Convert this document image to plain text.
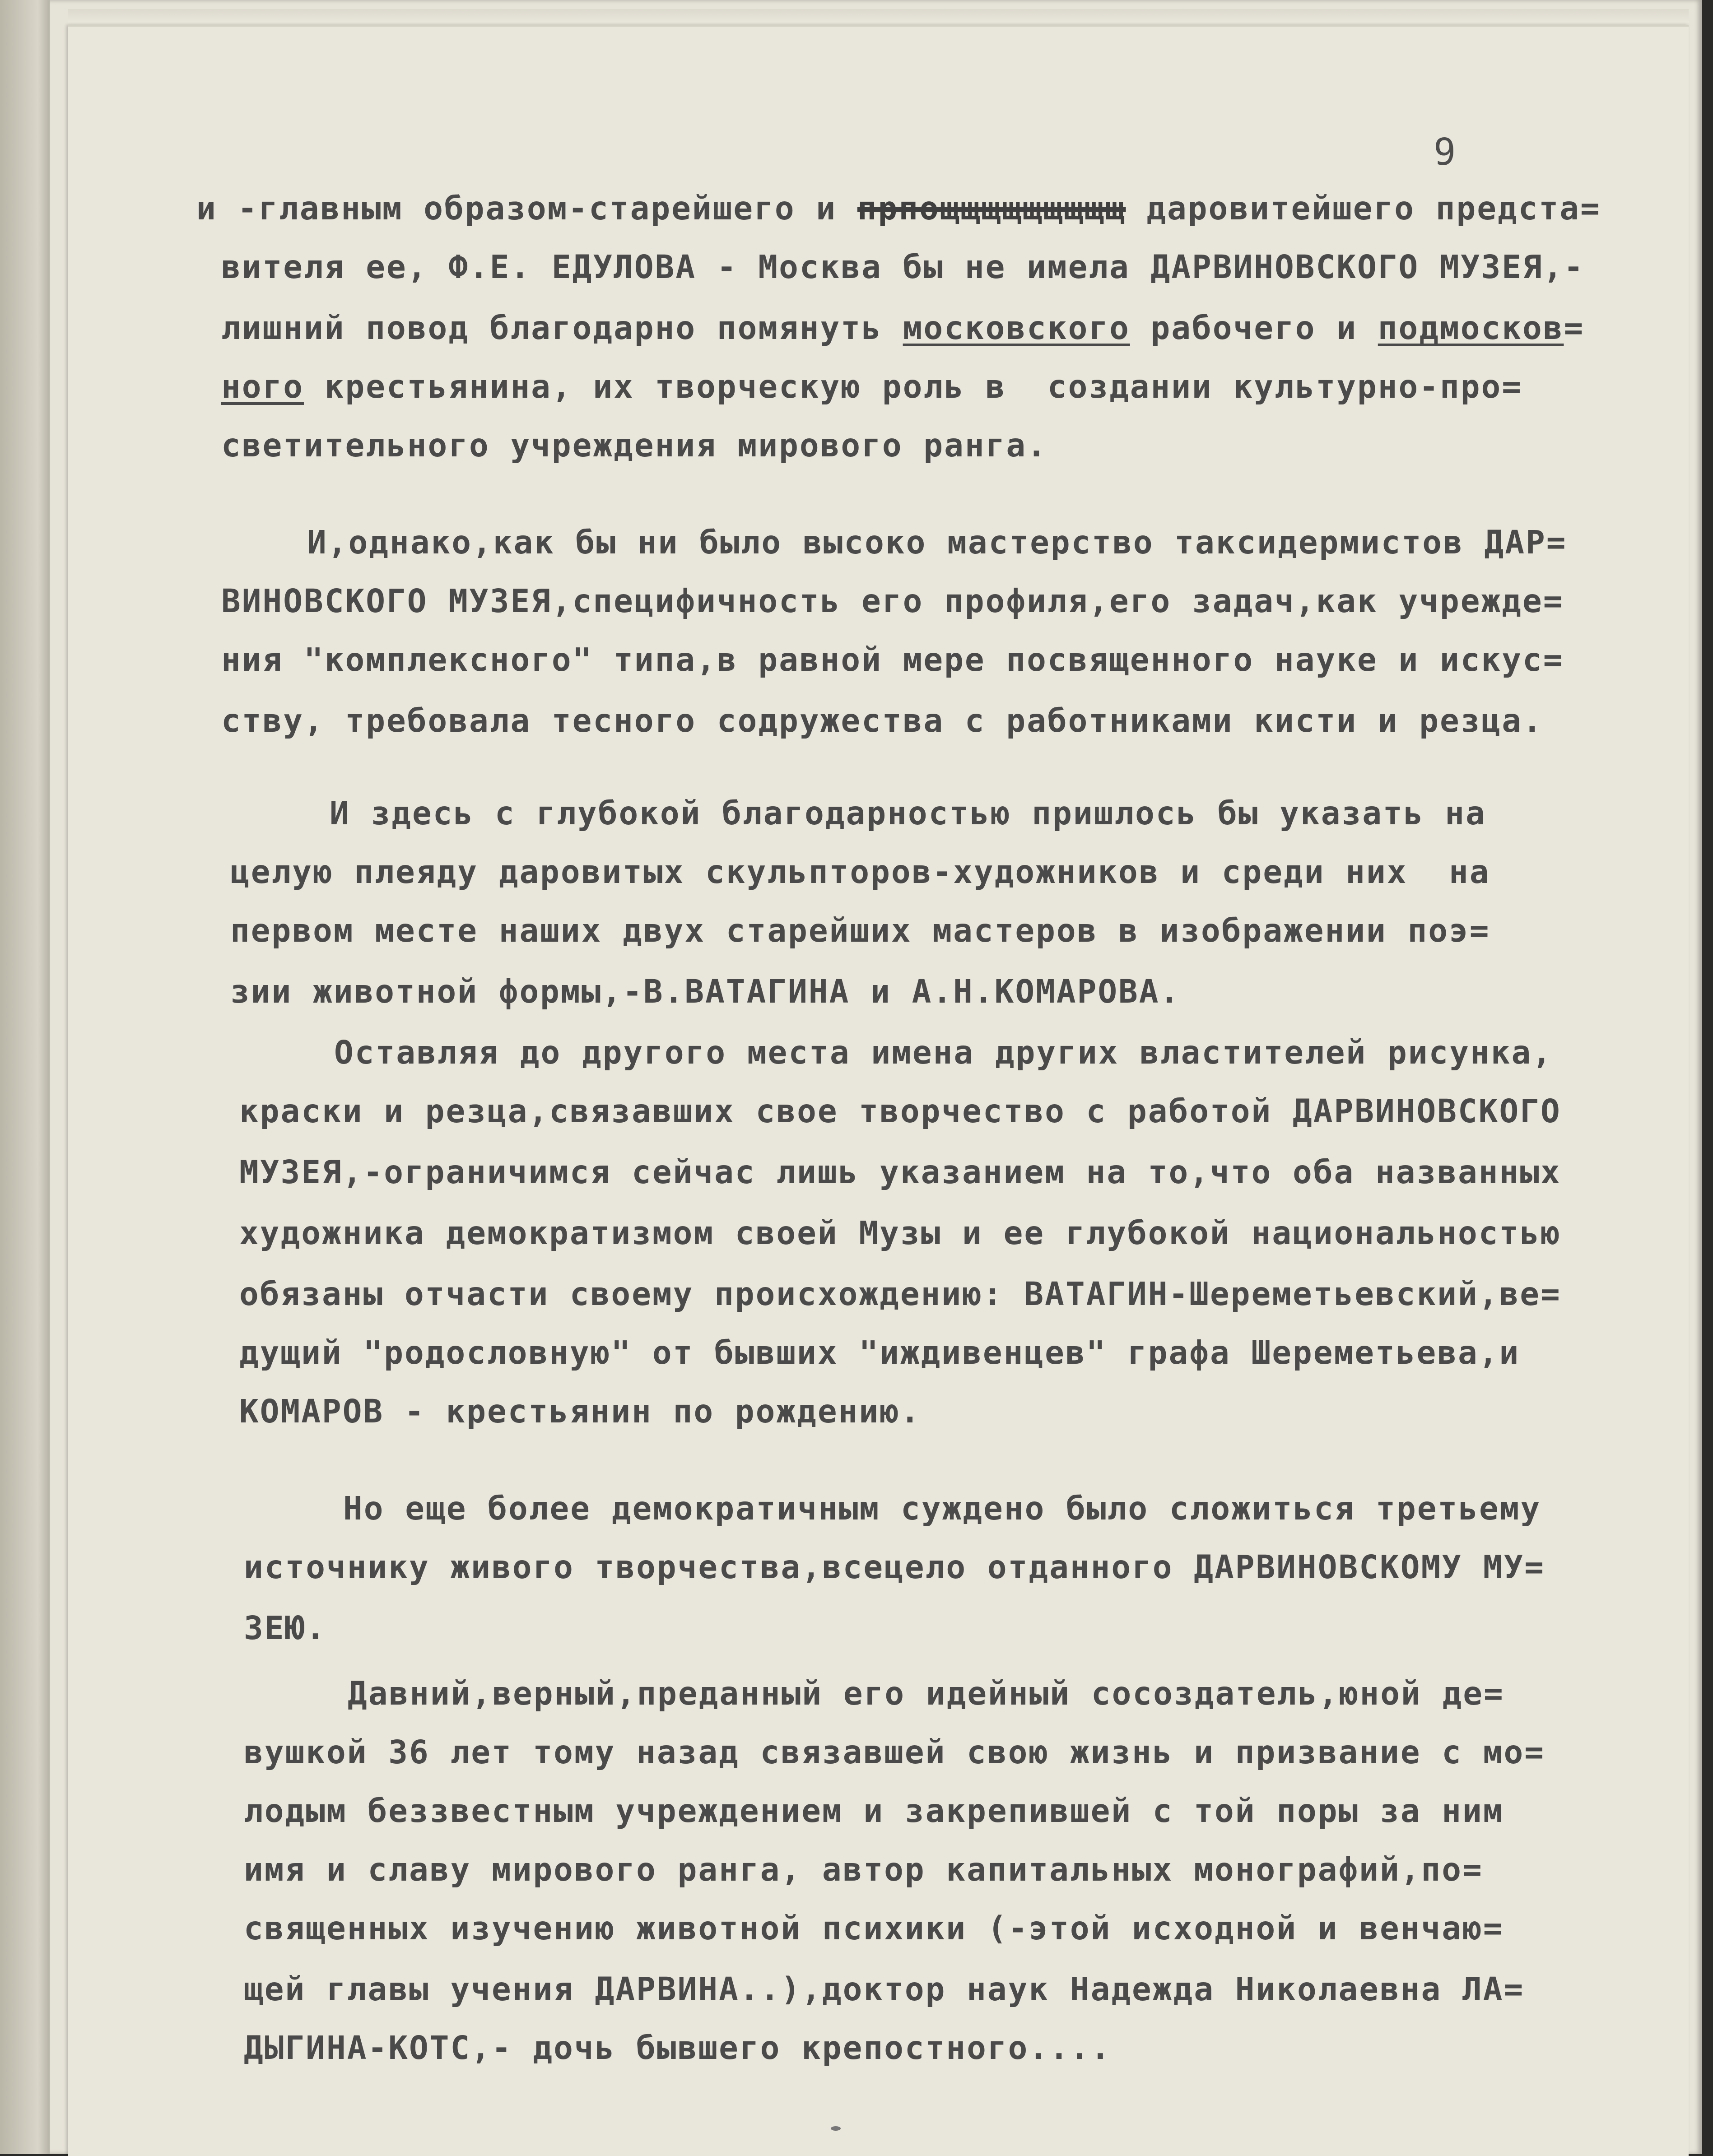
9
и -главным образом-старейшего и прпощщщщщщщщщ даровитейшего предста=
вителя ее, Ф.Е. ЕДУЛОВА - Москва бы не имела ДАРВИНОВСКОГО МУЗЕЯ,-
лишний повод благодарно помянуть московского рабочего и подмосков=
ного крестьянина, их творческую роль в  создании культурно-про=
светительного учреждения мирового ранга.
И,однако,как бы ни было высоко мастерство таксидермистов ДАР=
ВИНОВСКОГО МУЗЕЯ,специфичность его профиля,его задач,как учрежде=
ния "комплексного" типа,в равной мере посвященного науке и искус=
ству, требовала тесного содружества с работниками кисти и резца.
И здесь с глубокой благодарностью пришлось бы указать на
целую плеяду даровитых скульпторов-художников и среди них  на
первом месте наших двух старейших мастеров в изображении поэ=
зии животной формы,-В.ВАТАГИНА и А.Н.КОМАРОВА.
Оставляя до другого места имена других властителей рисунка,
краски и резца,связавших свое творчество с работой ДАРВИНОВСКОГО
МУЗЕЯ,-ограничимся сейчас лишь указанием на то,что оба названных
художника демократизмом своей Музы и ее глубокой национальностью
обязаны отчасти своему происхождению: ВАТАГИН-Шереметьевский,ве=
дущий "родословную" от бывших "иждивенцев" графа Шереметьева,и
КОМАРОВ - крестьянин по рождению.
Но еще более демократичным суждено было сложиться третьему
источнику живого творчества,всецело отданного ДАРВИНОВСКОМУ МУ=
ЗЕЮ.
Давний,верный,преданный его идейный сосоздатель,юной де=
вушкой 36 лет тому назад связавшей свою жизнь и призвание с мо=
лодым беззвестным учреждением и закрепившей с той поры за ним
имя и славу мирового ранга, автор капитальных монографий,по=
священных изучению животной психики (-этой исходной и венчаю=
щей главы учения ДАРВИНА..),доктор наук Надежда Николаевна ЛА=
ДЫГИНА-КОТС,- дочь бывшего крепостного....
